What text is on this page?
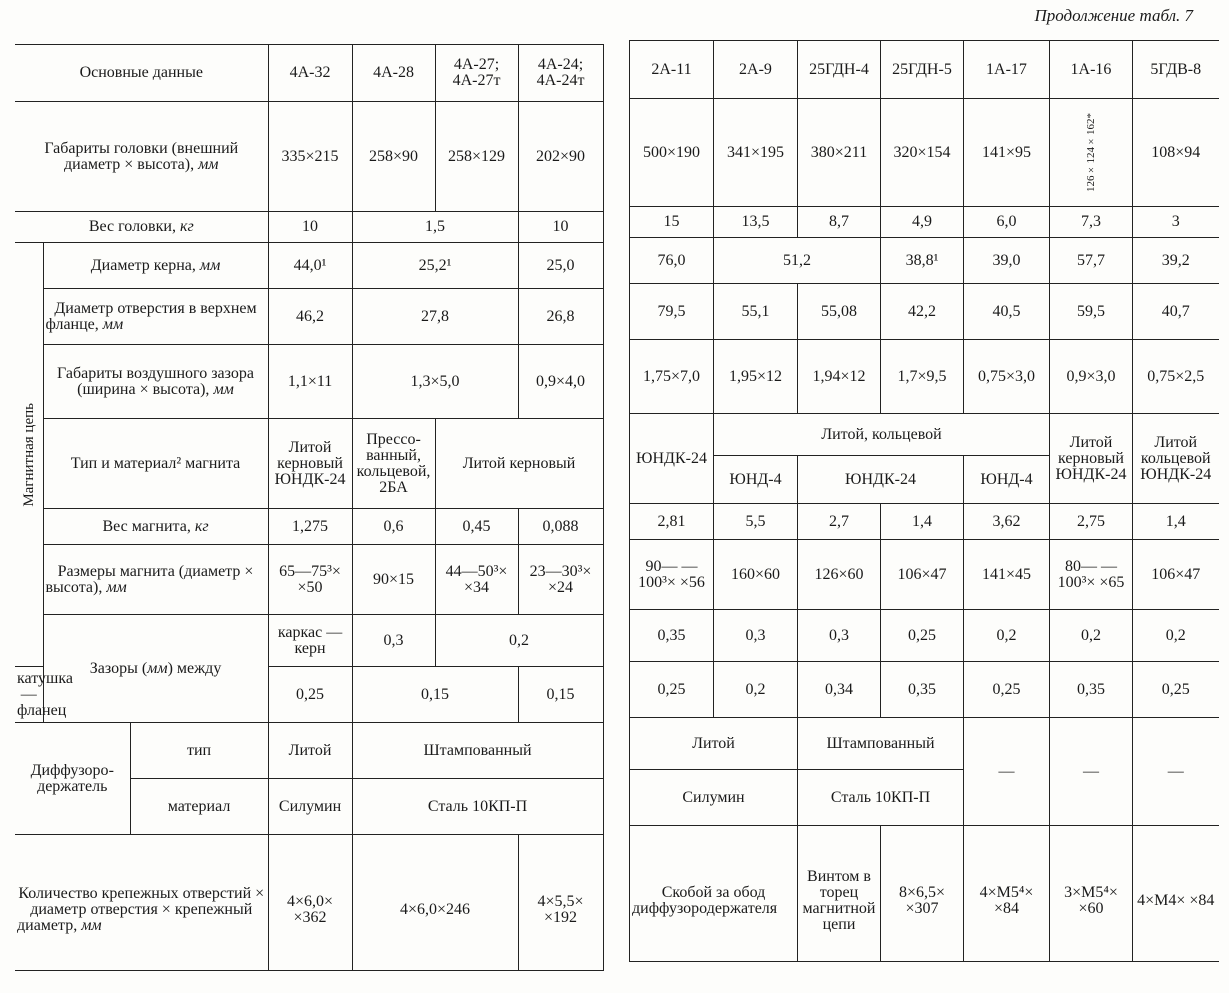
Продолжение табл. 7
Основные данные			4А-32	4А-28	4А-27; 4А-27т	4А-24; 4А-24т	
Габариты головки (внешний диаметр × высота), мм			335×215	258×90	258×129	202×90	
Вес головки, кг			10	1,5		10	

Магнитная цепь	Диаметр керна, мм		44,0¹	25,2¹		25,0	
	Диаметр отверстия в верхнем фланце, мм		46,2	27,8		26,8	
	Габариты воздушного зазора (ширина × высота), мм		1,1×11	1,3×5,0		0,9×4,0	
	Тип и материал² магнита		Литой керновый ЮНДК-24	Прессованный, кольцевой, 2БА	Литой керновый		
	Вес магнита, кг		1,275	0,6	0,45	0,088	
	Размеры магнита (диаметр × высота), мм		65—75³× ×50	90×15	44—50³× ×34	23—30³× ×24	
	Зазоры (мм) между		каркас — керн	0,3	0,2	
катушка — фланец			0,25	0,15		0,15	
Диффузородержатель		тип	Литой	Штампованный			
		материал	Силумин	Сталь 10КП-П			
Количество крепежных отверстий × диаметр отверстия × крепежный диаметр, мм			4×6,0× ×362	4×6,0×246		4×5,5× ×192	
2А-11	2А-9	25ГДН-4	25ГДН-5	1А-17	1А-16	5ГДВ-8
500×190	341×195	380×211	320×154	141×95	126×124×162*	108×94
15	13,5	8,7	4,9	6,0	7,3	3
76,0	51,2		38,8¹	39,0	57,7	39,2
79,5	55,1	55,08	42,2	40,5	59,5	40,7
1,75×7,0	1,95×12	1,94×12	1,7×9,5	0,75×3,0	0,9×3,0	0,75×2,5
ЮНДК-24	Литой, кольцевой				Литой керновый ЮНДК-24	Литой кольцевой ЮНДК-24
	ЮНД-4	ЮНДК-24		ЮНД-4		
2,81	5,5	2,7	1,4	3,62	2,75	1,4
90— —100³× ×56	160×60	126×60	106×47	141×45	80— —100³× ×65	106×47
0,35	0,3	0,3	0,25	0,2	0,2	0,2
0,25	0,2	0,34	0,35	0,25	0,35	0,25
Литой		Штампованный		—	—	—
Силумин		Сталь 10КП-П				
Скобой за обод диффузородержателя		Винтом в торец магнитной цепи	8×6,5× ×307	4×М5⁴× ×84	3×М5⁴× ×60	4×М4× ×84
